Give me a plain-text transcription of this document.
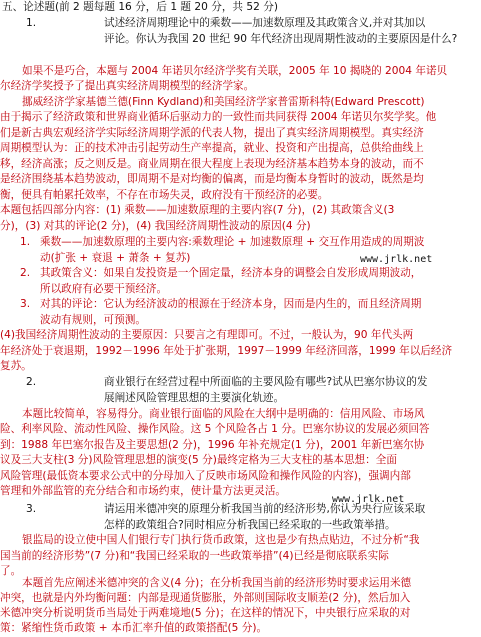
五、论述题(前 2 题每题 16 分，后 1 题 20 分，共 52 分)
1.	试述经济周期理论中的乘数——加速数原理及其政策含义,并对其加以
评论。你认为我国 20 世纪 90 年代经济出现周期性波动的主要原因是什么?
如果不是巧合，本题与 2004 年诺贝尔经济学奖有关联，2005 年 10 揭晓的 2004 年诺贝
尔经济学奖授予了提出真实经济周期模型的经济学家。
挪威经济学家基德兰德(Finn Kydland)和美国经济学家普雷斯科特(Edward Prescott)
由于揭示了经济政策和世界商业循环后驱动力的一致性而共同获得 2004 年诺贝尔奖学奖。他
们是新古典宏观经济学实际经济周期学派的代表人物，提出了真实经济周期模型。真实经济
周期模型认为：正的技术冲击引起劳动生产率提高，就业、投资和产出提高，总供给曲线上
移，经济高涨；反之则反是。商业周期在很大程度上表现为经济基本趋势本身的波动，而不
是经济围绕基本趋势波动，即周期不是对均衡的偏离，而是均衡本身暂时的波动，既然是均
衡，便具有帕累托效率，不存在市场失灵，政府没有干预经济的必要。
本题包括四部分内容：(1) 乘数——加速数原理的主要内容(7 分)，(2) 其政策含义(3
分)，(3) 对其的评论(2 分)，(4) 我国经济周期性波动的原因(4 分)
1. 乘数——加速数原理的主要内容:乘数理论 + 加速数原理 + 交互作用造成的周期波
动(扩张 + 衰退 + 萧条 + 复苏)	www.jrlk.net
2. 其政策含义：如果自发投资是一个固定量，经济本身的调整会自发形成周期波动，
所以政府有必要干预经济。
3. 对其的评论：它认为经济波动的根源在于经济本身，因而是内生的，而且经济周期
波动有规则，可预测。
(4)我国经济周期性波动的主要原因：只要言之有理即可。不过，一般认为，90 年代头两
年经济处于衰退期，1992－1996 年处于扩张期，1997－1999 年经济回落，1999 年以后经济
复苏。
2.	商业银行在经营过程中所面临的主要风险有哪些?试从巴塞尔协议的发
展阐述风险管理思想的主要演化轨迹。
本题比较简单，容易得分。商业银行面临的风险在大纲中是明确的：信用风险、市场风
险、利率风险、流动性风险、操作风险。这 5 个风险各占 1 分。巴塞尔协议的发展必须回答
到：1988 年巴塞尔报告及主要思想(2 分)，1996 年补充规定(1 分)，2001 年新巴塞尔协
议及三大支柱(3 分)风险管理思想的演变(5 分)最终定格为三大支柱的基本思想：全面
风险管理(最低资本要求公式中的分母加入了反映市场风险和操作风险的内容)，强调内部
管理和外部监管的充分结合和市场约束，使计量方法更灵活。
www.jrlk.net
3.	请运用米德冲突的原理分析我国当前的经济形势,你认为央行应该采取
怎样的政策组合?同时相应分析我国已经采取的一些政策举措。
银监局的设立使中国人们银行专门执行货币政策，这也是少有热点贴边，不过分析“我
国当前的经济形势”(7 分)和“我国已经采取的一些政策举措”(4)已经是彻底联系实际
了。
本题首先应阐述米德冲突的含义(4 分)；在分析我国当前的经济形势时要求运用米德
冲突，也就是内外均衡问题：内部是现通货膨胀，外部则国际收支顺差(2 分)，然后加入
米德冲突分析说明货币当局处于两难境地(5 分)；在这样的情况下，中央银行应采取的对
策：紧缩性货币政策 + 本币汇率升值的政策搭配(5 分)。
